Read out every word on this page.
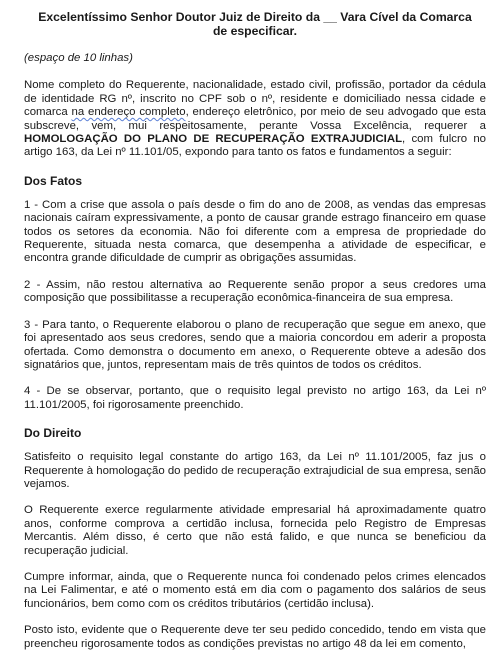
Excelentíssimo Senhor Doutor Juiz de Direito da __ Vara Cível da Comarca
de especificar.

(espaço de 10 linhas)

Nome completo do Requerente, nacionalidade, estado civil, profissão, portador da cédula de identidade RG nº, inscrito no CPF sob o nº, residente e domiciliado nessa cidade e comarca na endereço completo, endereço eletrônico, por meio de seu advogado que esta subscreve, vem, mui respeitosamente, perante Vossa Excelência, requerer a HOMOLOGAÇÃO DO PLANO DE RECUPERAÇÃO EXTRAJUDICIAL, com fulcro no artigo 163, da Lei nº 11.101/05, expondo para tanto os fatos e fundamentos a seguir:

Dos Fatos

1 - Com a crise que assola o país desde o fim do ano de 2008, as vendas das empresas nacionais caíram expressivamente, a ponto de causar grande estrago financeiro em quase todos os setores da economia. Não foi diferente com a empresa de propriedade do Requerente, situada nesta comarca, que desempenha a atividade de especificar, e encontra grande dificuldade de cumprir as obrigações assumidas.

2 - Assim, não restou alternativa ao Requerente senão propor a seus credores uma composição que possibilitasse a recuperação econômica-financeira de sua empresa.

3 - Para tanto, o Requerente elaborou o plano de recuperação que segue em anexo, que foi apresentado aos seus credores, sendo que a maioria concordou em aderir a proposta ofertada. Como demonstra o documento em anexo, o Requerente obteve a adesão dos signatários que, juntos, representam mais de três quintos de todos os créditos.

4 - De se observar, portanto, que o requisito legal previsto no artigo 163, da Lei nº 11.101/2005, foi rigorosamente preenchido.

Do Direito

Satisfeito o requisito legal constante do artigo 163, da Lei nº 11.101/2005, faz jus o Requerente à homologação do pedido de recuperação extrajudicial de sua empresa, senão vejamos.

O Requerente exerce regularmente atividade empresarial há aproximadamente quatro anos, conforme comprova a certidão inclusa, fornecida pelo Registro de Empresas Mercantis. Além disso, é certo que não está falido, e que nunca se beneficiou da recuperação judicial.

Cumpre informar, ainda, que o Requerente nunca foi condenado pelos crimes elencados na Lei Falimentar, e até o momento está em dia com o pagamento dos salários de seus funcionários, bem como com os créditos tributários (certidão inclusa).

Posto isto, evidente que o Requerente deve ter seu pedido concedido, tendo em vista que preencheu rigorosamente todos as condições previstas no artigo 48 da lei em comento,
